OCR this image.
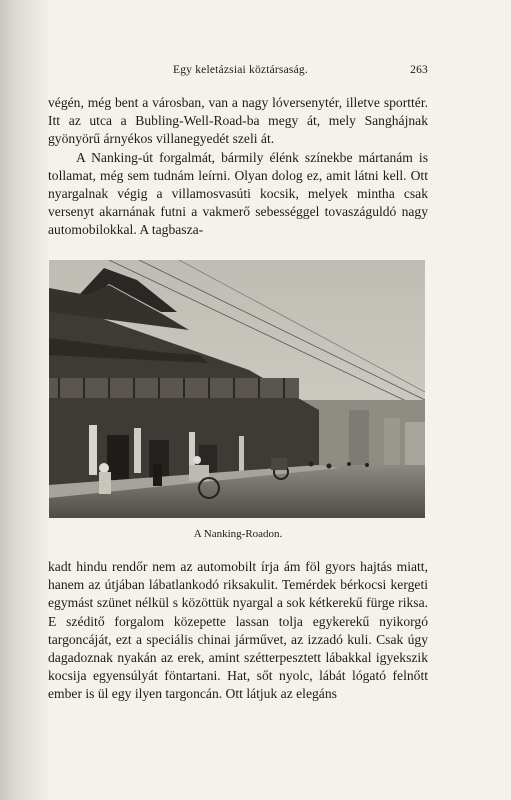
Egy keletázsiai köztársaság.	263

végén, még bent a városban, van a nagy lóversenytér, illetve sporttér. Itt az utca a Bubling-Well-Road-ba megy át, mely Sanghájnak gyönyörű árnyékos villanegyedét szeli át.

A Nanking-út forgalmát, bármily élénk színekbe mártanám is tollamat, még sem tudnám leírni. Olyan dolog ez, amit látni kell. Ott nyargalnak végig a villamosvasúti kocsik, melyek mintha csak versenyt akarnának futni a vakmerő sebességgel tovaszáguldó nagy automobilokkal. A tagbasza-

A Nanking-Roadon.

kadt hindu rendőr nem az automobilt írja ám föl gyors hajtás miatt, hanem az útjában lábatlankodó riksakulit. Temérdek bérkocsi kergeti egymást szünet nélkül s közöttük nyargal a sok kétkerekű fürge riksa. E széditő forgalom közepette lassan tolja egykerekű nyikorgó targoncáját, ezt a speciális chinai járművet, az izzadó kuli. Csak úgy dagadoznak nyakán az erek, amint szétterpesztett lábakkal igyekszik kocsija egyensúlyát föntartani. Hat, sőt nyolc, lábát lógató felnőtt ember is ül egy ilyen targoncán. Ott látjuk az elegáns
